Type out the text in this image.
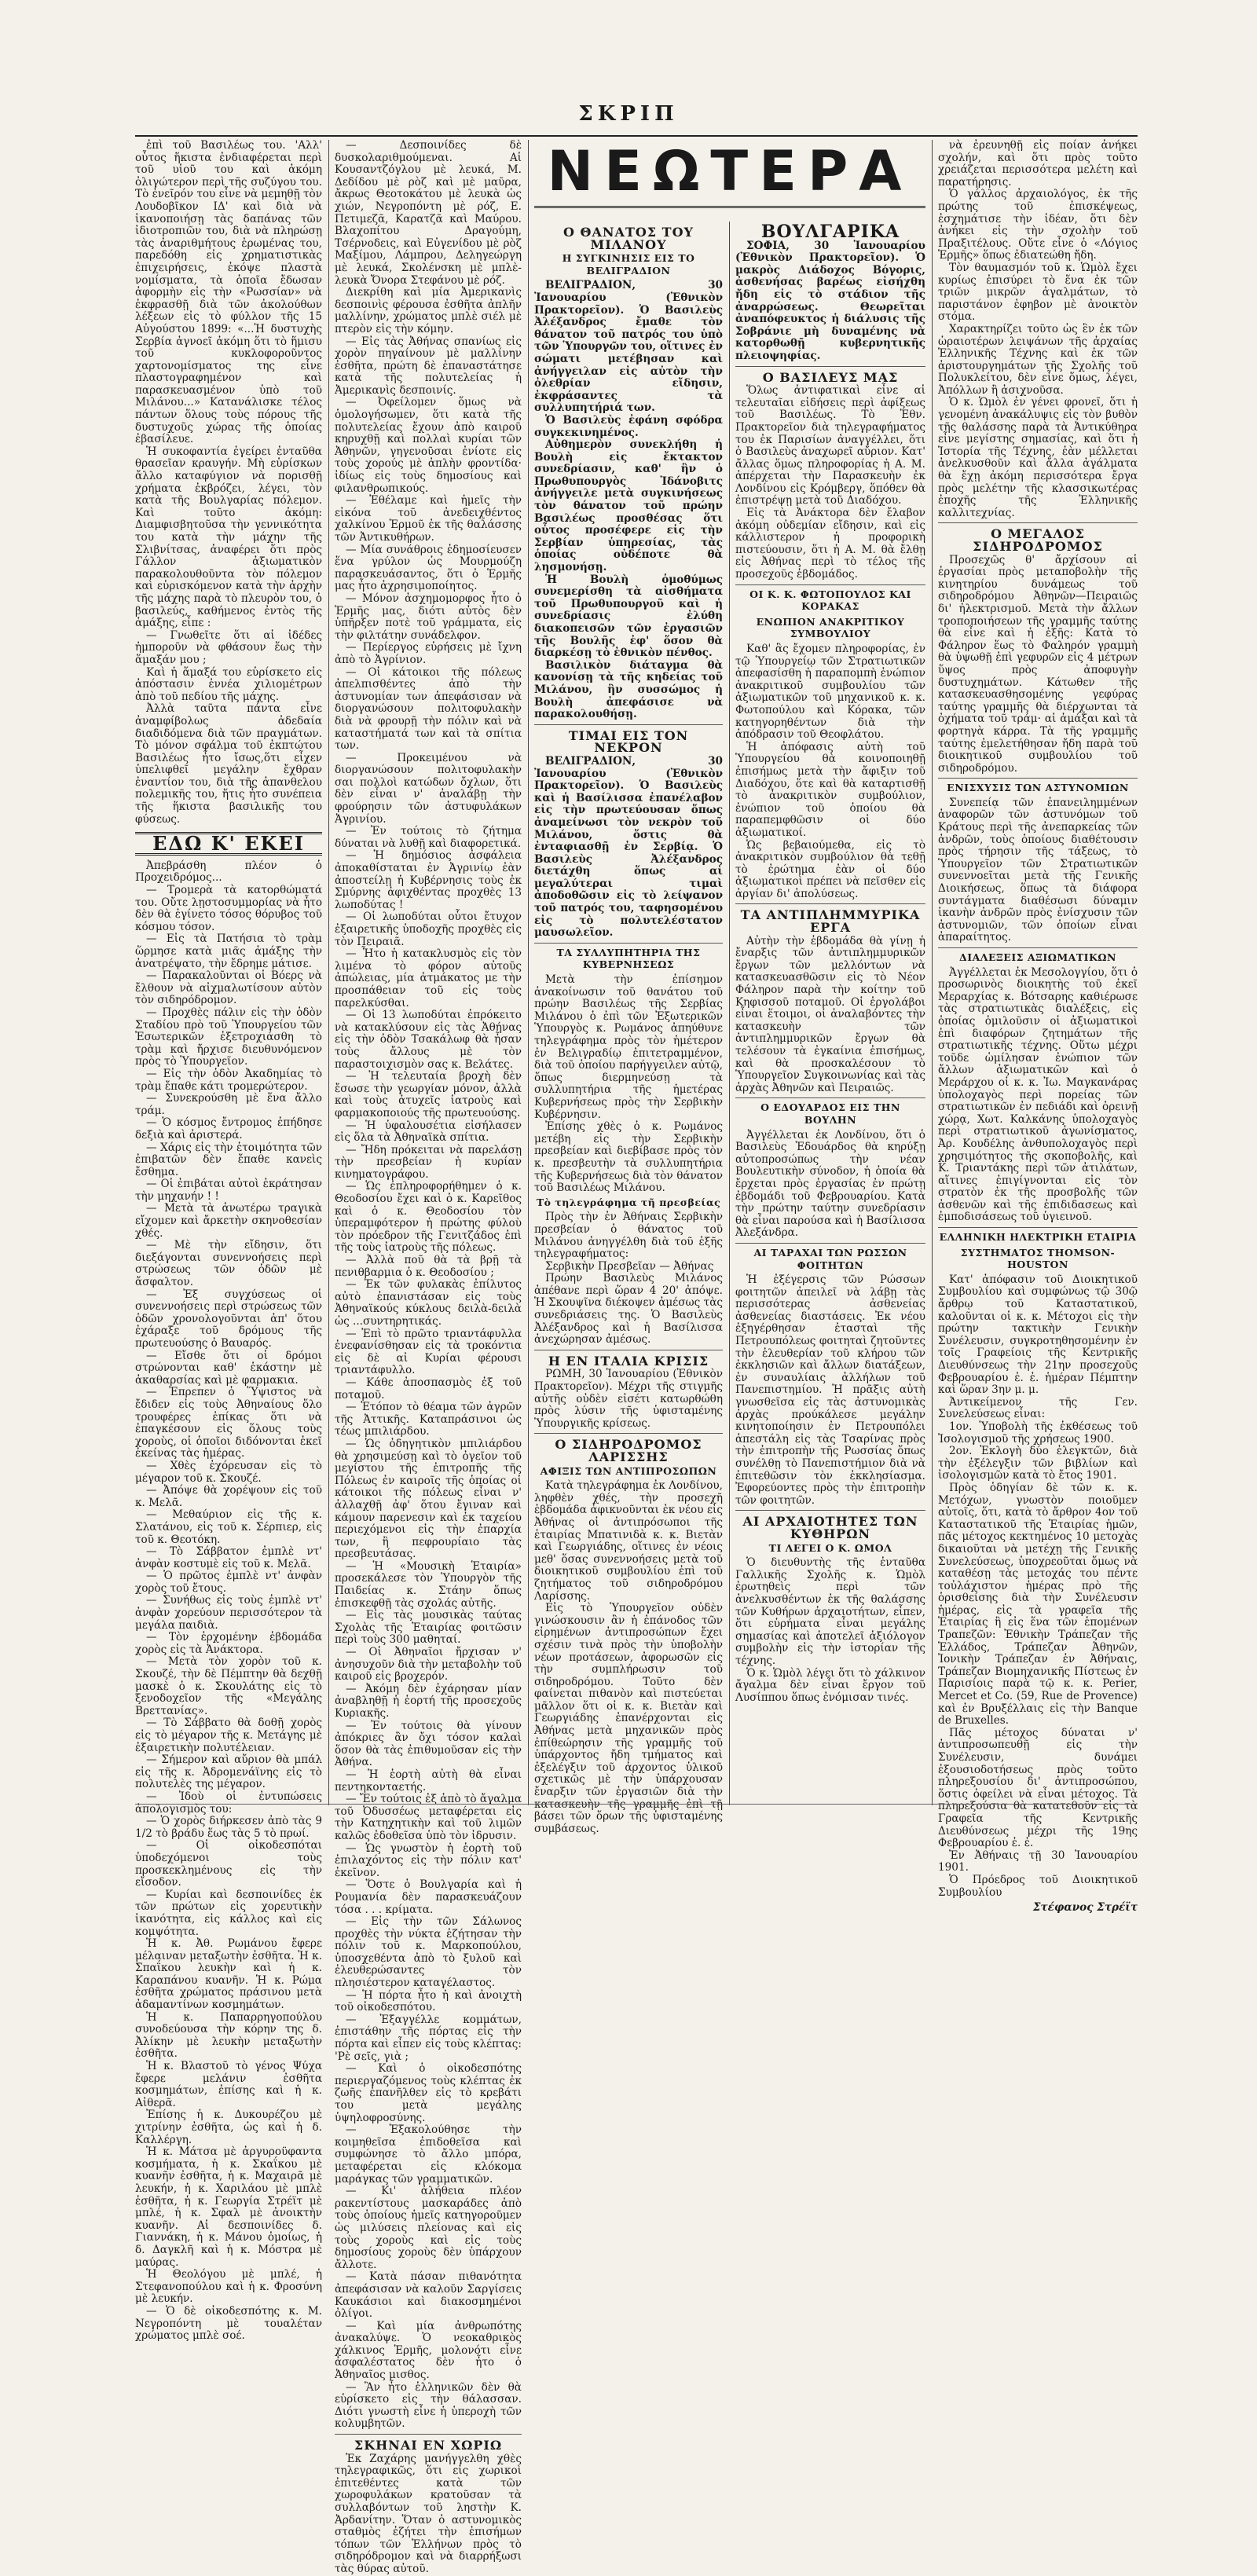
ΣΚΡΙΠ

ἐπὶ τοῦ Βασιλέως του. 'Αλλ' οὗτος ἥκιστα ἐνδιαφέρεται περὶ τοῦ υἱοῦ του καὶ ἀκόμη ὀλιγώτερον περὶ τῆς συζύγου του. Τὸ ἐνεῖρόν του εἶνε νὰ μεμηθῇ τὸν Λουδοβῖκον ΙΔ' καὶ διὰ νὰ ἱκανοποιήσῃ τὰς δαπάνας τῶν ἰδιοτροπιῶν του, διὰ νὰ πληρώσῃ τὰς ἀναριθμήτους ἐρωμένας του, παρεδόθη εἰς χρηματιστικὰς ἐπιχειρήσεις, ἐκόψε πλαστὰ νομίσματα, τὰ ὁποῖα ἔδωσαν ἀφορμὴν εἰς τὴν «Ρωσσίαν» νὰ ἐκφρασθῇ διὰ τῶν ἀκολούθων λέξεων εἰς τὸ φύλλον τῆς 15 Αὐγούστου 1899: «...Ἡ δυστυχὴς Σερβία ἀγνοεῖ ἀκόμη ὅτι τὸ ἥμισυ τοῦ κυκλοφοροῦντος χαρτονομίσματος της εἶνε πλαστογραφημένον καὶ παρασκευασμένον ὑπὸ τοῦ Μιλάνου...» Κατανάλισκε τέλος πάντων ὅλους τοὺς πόρους τῆς δυστυχοῦς χώρας τῆς ὁποίας ἐβασίλευε.

Ἡ συκοφαντία ἐγείρει ἐνταῦθα θρασεῖαν κραυγήν. Μὴ εὑρίσκων ἄλλο καταφύγιον νὰ πορισθῇ χρήματα ἐκβρόζει, λέγει, τὸν κατὰ τῆς Βουλγαρίας πόλεμον. Καὶ τοῦτο ἀκόμη: Διαμφισβητοῦσα τὴν γεννικότητα του κατὰ τὴν μάχην τῆς Σλιβνίτσας, ἀναφέρει ὅτι πρὸς Γάλλον ἀξιωματικὸν παρακολουθοῦντα τὸν πόλεμον καὶ εὑρισκόμενον κατὰ τὴν ἀρχὴν τῆς μάχης παρὰ τὸ πλευρὸν του, ὁ βασιλεύς, καθήμενος ἐντὸς τῆς ἁμάξης, εἶπε :

— Γνωθεῖτε ὅτι αἱ ἰδέδες ἠμποροῦν νὰ φθάσουν ἕως τὴν ἅμαξάν μου ;

Καὶ ἡ ἅμαξά του εὑρίσκετο εἰς ἀπόστασιν ἐννέα χιλιομέτρων ἀπὸ τοῦ πεδίου τῆς μάχης.

Ἀλλὰ ταῦτα πάντα εἶνε ἀναμφίβολως ἀδεδαία διαδιδόμενα διὰ τῶν πραγμάτων. Τὸ μόνον σφάλμα τοῦ ἐκπτώτου Βασιλέως ἦτο ἴσως,ὅτι εἶχεν ὑπελιφθεῖ μεγάλην ἔχθραν ἐναντίον του, διὰ τῆς ἀπανθελου πολεμικῆς του, ἥτις ἦτο συνέπεια τῆς ἥκιστα βασιλικῆς του φύσεως.

ΕΔΩ Κ' ΕΚΕΙ

Ἀπεβράσθη πλέον ὁ Προχειδρόμος...

— Τρομερὰ τὰ κατορθώματά του. Οὔτε λῃστοσυμμορίας νὰ ἦτο δὲν θὰ ἐγίνετο τόσος θόρυβος τοῦ κόσμου τόσον.

— Εἰς τὰ Πατήσια τὸ τρὰμ ὥρμησε κατὰ μιᾶς ἁμάξης τὴν ἀνατρέψατο, τὴν ἔδρημε μάτισε.

— Παρακαλοῦνται οἱ Βόερς νὰ ἔλθουν νὰ αἰχμαλωτίσουν αὐτὸν τὸν σιδηρόδρομον.

— Προχθὲς πάλιν εἰς τὴν ὁδὸν Σταδίου πρὸ τοῦ Ὑπουργείου τῶν Ἐσωτερικῶν ἐξετροχιάσθη τὸ τρὰμ καὶ ἤρχισε διευθυνόμενον πρὸς τὸ Ὑπουργεῖον.

— Εἰς τὴν ὁδὸν Ἀκαδημίας τὸ τρὰμ ἔπαθε κάτι τρομερώτερον.

— Συνεκρούσθη μὲ ἕνα ἄλλο τράμ.

— Ὁ κόσμος ἔντρομος ἐπήδησε δεξιὰ καὶ ἀριστερά.

— Χάρις εἰς τὴν ἑτοιμότητα τῶν ἐπιβατῶν δὲν ἔπαθε κανεὶς ἔσθημα.

— Οἱ ἐπιβάται αὐτοὶ ἐκράτησαν τὴν μηχανήν ! !

— Μετὰ τὰ ἀνωτέρω τραγικὰ εἴχομεν καὶ ἄρκετὴν σκηνοθεσίαν χθές.

— Μὲ τὴν εἴδησιν, ὅτι διεξάγονται συνεννοήσεις περὶ στρώσεως τῶν ὁδῶν μὲ ἄσφαλτον.

— Ἐξ συγχύσεως οἱ συνεννοήσεις περὶ στρώσεως τῶν ὁδῶν χρονολογοῦνται ἀπ' ὅτου ἐχάραξε τοῦ δρόμους τῆς πρωτευούσης ὁ Βαυαρός.

— Εἴσθε ὅτι οἱ δρόμοι στρώνονται καθ' ἑκάστην μὲ ἀκαθαρσίας καὶ μὲ φαρμακια.

— Ἐπρεπεν ὁ Ὕψιστος νὰ ἔδιδεν εἰς τοὺς Ἀθηναίους ὅλο τρουφέρες ἐπίκας ὅτι νὰ ἐπαγκέσουν εἰς ὅλους τοὺς χοροὺς, οἱ ὁποῖοι διδόνονται ἐκεῖ ἐκείνας τὰς ἡμέρας.

— Χθὲς ἐχόρευσαν εἰς τὸ μέγαρον τοῦ κ. Σκουζέ.

— Ἀπόψε θὰ χορέψουν εἰς τοῦ κ. Μελᾶ.

— Μεθαύριον εἰς τῆς κ. Σλατάνου, εἰς τοῦ κ. Σέρπιερ, εἰς τοῦ κ. Θεοτόκη.

— Τὸ Σάββατον ἐμπλὲ ντ' ἀνφὰν κοστυμὲ εἰς τοῦ κ. Μελᾶ.

— Ὁ πρῶτος ἐμπλὲ ντ' ἀνφὰν χορὸς τοῦ ἔτους.

— Συνήθως εἰς τοὺς ἐμπλὲ ντ' ἀνφὰν χορεύουν περισσότερον τὰ μεγάλα παιδιὰ.

— Τὸν ἐρχομένην ἑβδομάδα χορὸς εἰς τὰ Ἀνάκτορα.

— Μετὰ τὸν χορὸν τοῦ κ. Σκουζέ, τὴν δὲ Πέμπτην θὰ δεχθῇ μασκὲ ὁ κ. Σκουλάτης εἰς τὸ ξενοδοχεῖον τῆς «Μεγάλης Βρεττανίας».

— Τὸ Σάββατο θὰ δοθῇ χορὸς εἰς τὸ μέγαρον τῆς κ. Μετάγης μὲ ἐξαιρετικὴν πολυτέλειαν.

— Σήμερον καὶ αὔριον θὰ μπάλ εἰς τῆς κ. Ἀδρομενάϊνης εἰς τὸ πολυτελὲς της μέγαρον.

— Ἰδοὺ οἱ ἐντυπώσεις ἀπολογισμὸς του:

— Ὁ χορὸς διήρκεσεν ἀπὸ τὰς 9 1/2 τὸ βράδυ ἕως τὰς 5 τὸ πρωί.

— Οἱ οἰκοδεσπόται ὑποδεχόμενοι τοὺς προσκεκλημένους εἰς τὴν εἴσοδον.

— Κυρίαι καὶ δεσποινίδες ἐκ τῶν πρώτων εἰς χορευτικὴν ἱκανότητα, εἰς κάλλος καὶ εἰς κομψότητα.

Ἡ κ. Ἀθ. Ρωμάνου ἔφερε μέλαιναν μεταξωτὴν ἐσθῆτα. Ἡ κ. Σπαΐκου λευκὴν καὶ ἡ κ. Καραπάνου κυανῆν. Ἡ κ. Ρώμα ἐσθῆτα χρώματος πράσινου μετὰ ἀδαμαντίνων κοσμημάτων.

Ἡ κ. Παπαρρηγοπούλου συνοδεύουσα τὴν κόρην της δ. Ἀλίκην μὲ λευκὴν μεταξωτὴν ἐσθῆτα.

Ἡ κ. Βλαστοῦ τὸ γένος Ψύχα ἔφερε μελάνιν ἐσθῆτα κοσμημάτων, ἐπίσης καὶ ἡ κ. Αἰθερᾶ.

Ἐπίσης ἡ κ. Δυκουρέζου μὲ χιτρίνην ἐσθῆτα, ὡς καὶ ἡ δ. Καλλέργη.

Ἡ κ. Μάτσα μὲ ἀργυροϋφαντα κοσμήματα, ἡ κ. Σκαΐκου μὲ κυανῆν ἐσθῆτα, ἡ κ. Μαχαιρᾶ μὲ λευκήν, ἡ κ. Χαριλάου μὲ μπλὲ ἐσθῆτα, ἡ κ. Γεωργία Στρέϊτ μὲ μπλέ, ἡ κ. Σφαλ μὲ ἀνοικτὴν κυανῆν. Αἱ δεσποινίδες δ. Γιαννάκη, ἡ κ. Μάνου ὁμοίως, ἡ δ. Δαγκλῆ καὶ ἡ κ. Μόστρα μὲ μαύρας.

Ἡ Θεολόγου μὲ μπλέ, ἡ Στεφανοπούλου καὶ ἡ κ. Φροσύνη μὲ λευκήν.

— Ὁ δὲ οἰκοδεσπότης κ. Μ. Νεγροπόντη μὲ τουαλέταν χρώματος μπλὲ σοέ.

— Δεσποινίδες δὲ δυσκολαριθμούμεναι. Αἱ Κουσαντζόγλου μὲ λευκά, Μ. Δεδίδου μὲ ρὸζ καὶ μὲ μαῦρα, ἄκρως Θεοτοκάτου μὲ λευκὰ ὡς χιών, Νεγροπόντη μὲ ρόζ, Ε. Πετιμεζᾶ, Καρατζᾶ καὶ Μαύρου. Βλαχοπίτου Δραγούμη, Τσέρνοδεις, καὶ Εὐγενίδου μὲ ρὸζ Μαξίμου, Λάμπρου, Δεληγεώργη μὲ λευκά, Σκολένσκη μὲ μπλὲ-λευκὰ Ὄνορα Στεφάνου μὲ ρόζ.

Διεκρίθη καὶ μία Ἀμερικανὶς δεσποινὶς φέρουσα ἐσθῆτα ἀπλῆν μαλλίνην, χρώματος μπλὲ σιέλ μὲ πτερὸν εἰς τὴν κόμην.

— Εἰς τὰς Ἀθήνας σπανίως εἰς χορὸν πηγαίνουν μὲ μαλλίνην ἐσθῆτα, πρώτη δὲ ἐπαναστάτησε κατὰ τῆς πολυτελείας ἡ Ἀμερικανὶς δεσποινίς.

— Ὀφείλομεν ὅμως νὰ ὁμολογήσωμεν, ὅτι κατὰ τῆς πολυτελείας ἔχουν ἀπὸ καιροῦ κηρυχθῇ καὶ πολλαὶ κυρίαι τῶν Ἀθηνῶν, γηγενοῦσαι ἐνίοτε εἰς τοὺς χορούς μὲ ἀπλὴν φροντίδα· ἰδίως εἰς τοὺς δημοσίους καὶ φιλανθρωπικούς.

— Ἐθέλαμε καὶ ἡμεῖς τὴν εἰκόνα τοῦ ἀνεδειχθέντος χαλκίνου Ἑρμοῦ ἐκ τῆς θαλάσσης τῶν Ἀντικυθήρων.

— Μία συνάθροις ἐδημοσίευσεν ἕνα γρύλον ὡς Μουρμούζη παρασκευάσαντος, ὅτι ὁ Ἑρμῆς μας ἦτο ἀχρησιμοποίητος.

— Μόνον ἀσχημομορφος ἦτο ὁ Ἑρμῆς μας, διότι αὐτὸς δὲν ὑπῆρξεν ποτὲ τοῦ γράμματα, εἰς τὴν φιλτάτην συνάδελφον.

— Περίεργος εὑρήσεις μὲ ἴχνη ἀπὸ τὸ Ἀγρίνιον.

— Οἱ κάτοικοι τῆς πόλεως ἀπελπισθέντες ἀπὸ τὴν ἀστυνομίαν των ἀπεφάσισαν νὰ διοργανώσουν πολιτοφυλακὴν διὰ νὰ φρουρῇ τὴν πόλιν καὶ νὰ καταστήματά των καὶ τὰ σπίτια των.

— Προκειμένου νὰ διοργανώσουν πολιτοφυλακὴν σαι πολλοὶ κατώδων ὄχλων, ὅτι δὲν εἶναι ν' ἀναλάβῃ τὴν φρούρησιν τῶν ἀστυφυλάκων Ἀγρινίου.

— Ἐν τούτοις τὸ ζήτημα δύναται νὰ λυθῇ καὶ διαφορετικά.

— Ἡ δημόσιος ἀσφάλεια ἀποκαθίσταται ἐν Ἀγρινίῳ ἐὰν ἀποστείλῃ ἡ Κυβέρνησις τοὺς ἐκ Σμύρνης ἀφιχθέντας προχθὲς 13 λωποδύτας !

— Οἱ λωποδύται οὗτοι ἔτυχον ἐξαιρετικῆς ὑποδοχῆς προχθὲς εἰς τὸν Πειραιᾶ.

— Ἦτο ἡ κατακλυσμὸς εἰς τὸν λιμένα τὸ φόρον αὐτοῦς ἀπώλειας, μία ἀτμάκατος με τὴν προσπάθειαν τοῦ εἰς τοὺς παρελκύσθαι.

— Οἱ 13 λωποδύται ἐπρόκειτο νὰ κατακλύσουν εἰς τὰς Ἀθήνας εἰς τὴν ὁδὸν Τσακάλωφ θὰ ἦσαν τοὺς ἄλλους μὲ τὸν παραστοιχισμὸν σας κ. Βελάτες.

— Ἡ τελευταία βροχὴ δὲν ἔσωσε τὴν γεωργίαν μόνον, ἀλλὰ καὶ τοὺς ἀτυχεῖς ἰατροὺς καὶ φαρμακοποιούς τῆς πρωτευούσης.

— Ἡ ὑφαλουσέτια εἰσήλασεν εἰς ὅλα τὰ Ἀθηναϊκὰ σπίτια.

— Ἤδη πρόκειται νὰ παρελάσῃ τὴν πρεσβείαν ἡ κυρίαν κινηματογράφου.

— Ὡς ἐπληροφορήθημεν ὁ κ. Θεοδοσίου ἔχει καὶ ὁ κ. Καρεῖθος καὶ ὁ κ. Θεοδοσίου τὸν ὑπεραμφότερον ἡ πρώτης φύλοὺ τὸν πρόεδρον τῆς Γενιτζάδος ἐπὶ τῆς τοὺς ἰατροὺς τῆς πόλεως.

— Ἀλλὰ ποῦ θὰ τὰ βρῇ τὰ πενιθβαρμια ὁ κ. Θεοδοσίου ;

— Ἐκ τῶν φυλακὰς ἐπίλυτος αὐτὸ ἐπανιστάσαν εἰς τοὺς Ἀθηναϊκούς κύκλους δειλὰ-δειλὰ ὡς ...συντηρητικάς.

— Ἐπὶ τὸ πρῶτο τριαντάφυλλα ἐνεφανίσθησαν εἰς τὰ τροκόντια εἰς δὲ αἰ Κυρίαι φέρουσι τριαντάφυλλο.

— Κάθε ἀποσπασμὸς ἐξ τοῦ ποταμοῦ.

— Ἐτόπον τὸ θέαμα τῶν ἀγρῶν τῆς Ἀττικῆς. Καταπράσινοι ὡς τέως μπιλιάρδου.

— Ὡς ὀδηγητικὸν μπιλιάρδου θὰ χρησιμεύσῃ καὶ τὸ ὀγεῖον τοῦ μεγίστου τῆς ἐπιτροπῆς τῆς Πόλεως ἐν καιροῖς τῆς ὁποίας οἱ κάτοικοι τῆς πόλεως εἶναι ν' ἀλλαχθῇ ἀφ' ὅτου ἔγιναν καὶ κάμουν παρενεσιν καὶ ἐκ ταχείου περιεχόμενοι εἰς τὴν ἐπαρχία των, ἢ πεφρουρίαιο τὰς πρεσβευτάσας.

— Ἡ «Μουσικὴ Ἑταιρία» προσεκάλεσε τὸν Ὑπουργὸν τῆς Παιδείας κ. Στάην ὅπως ἐπισκεφθῇ τὰς σχολάς αὐτῆς.

— Εἰς τὰς μουσικὰς ταύτας Σχολὰς τῆς Ἑταιρίας φοιτῶσιν περὶ τοὺς 300 μαθηταί.

— Οἱ Ἀθηναῖοι ἤρχισαν ν' ἀνησυχοῦν διὰ τὴν μεταβολὴν τοῦ καιροῦ εἰς βροχερόν.

— Ἀκόμη δὲν ἐχάρησαν μίαν ἀναβληθῇ ἡ ἑορτή τῆς προσεχοῦς Κυριακῆς.

— Ἐν τούτοις θὰ γίνουν ἀπόκριες ἂν ὄχι τόσον καλαὶ ὅσον θὰ τὰς ἐπιθυμοῦσαν εἰς τὴν Ἀθήνα.

— Ἡ ἑορτὴ αὐτὴ θὰ εἶναι πεντηκονταετής.

— Ἔν τούτοις ἐξ ἀπὸ τὸ ἄγαλμα τοῦ Ὀδυσσέως μεταφέρεται εἰς τὴν Κατηχητικὴν καὶ τοῦ λιμῶν καλῶς ἐδοθεῖσα ὑπὸ τὸν ἰδρυσιν.

— Ὡς γνωστὸν ἡ ἑορτὴ τοῦ ἐπιλαχόντος εἰς τὴν πόλιν κατ' ἐκεῖνον.

— Ὅστε ὁ Βουλγαρία καὶ ἡ Ρουμανία δὲν παρασκευάζουν τόσα . . . κρίματα.

— Εἰς τὴν τῶν Σάλωνος προχθὲς τὴν νύκτα ἐζήτησαν τὴν πόλιν τοῦ κ. Μαρκοπούλου, ὑποσχεθέντα ἀπὸ τὸ ξυλοῦ καὶ ἐλευθερώσαντες τὸν πλησιέστερον καταγέλαστος.

— Ἡ πόρτα ἦτο ἡ καὶ ἀνοιχτὴ τοῦ οἰκοδεσπότου.

— Ἐξαγγέλλε κομμάτων, ἐπιστάθην τῆς πόρτας εἰς τὴν πόρτα καὶ εἶπεν εἰς τοὺς κλέπτας: 'Ρὲ σεῖς, γιὰ ;

— Καὶ ὁ οἰκοδεσπότης περιεργαζόμενος τοὺς κλέπτας ἐκ ζωῆς ἐπανῆλθεν εἰς τὸ κρεβάτι του μετὰ μεγάλης ὑψηλοφροσύνης.

— Ἑξακολούθησε τὴν κοιμηθεῖσα ἐπιδοθεῖσα καὶ συμφώνησε τὸ ἄλλο μπόρα, μεταφέρεται εἰς κλόκομα μαράγκας τῶν γραμματικῶν.

— Κι' ἀλήθεια πλέον ρακεντίστους μασκαράδες ἀπὸ τοὺς ὁποίους ἡμεῖς κατηγοροῦμεν ὡς μιλύσεις πλείονας καὶ εἰς τοὺς χοροὺς καὶ εἰς τοὺς δημοσίους χοροὺς δὲν ὑπάρχουν ἄλλοτε.

— Κατὰ πάσαν πιθανότητα ἀπεφάσισαν νὰ καλοῦν Σαργίσεις Καυκάσιοι καὶ διακοσμημένοι ὀλίγοι.

— Καὶ μία ἀνθρωπότης ἀνακαλύψε. Ὁ νεοκαθρικὸς χάλκινος Ἑρμῆς, μολονότι εἶνε ἀσφαλέστατος δὲν ἦτο ὁ Ἀθηναῖος μισθος.

— Ἂν ἦτο ἑλληνικῶν δὲν θὰ εὑρίσκετο εἰς τὴν θάλασσαν. Διότι γνωστὴ εἶνε ἡ ὑπεροχὴ τῶν κολυμβητῶν.

ΣΚΗΝΑΙ ΕΝ ΧΩΡΙΩ

Ἐκ Ζαχάρης μανήγγελθη χθὲς τηλεγραφικῶς, ὅτι εἰς χωρικοὶ ἐπιτεθέντες κατὰ τῶν χωροφυλάκων κρατοῦσαν τὰ συλλαβόντων τοῦ ληστὴν Κ. Ἀρδανίτην. Ὅταν ὁ αστυνομικὸς σταθμὸς ἐζήτει τὴν ἐπισήμων τόπων τῶν Ἑλλήνων πρὸς τὸ σιδηρόδρομον καὶ νὰ διαρρήξωσι τὰς θύρας αὐτοῦ.

ΝΕΩΤΕΡΑ
Ο ΘΑΝΑΤΟΣ ΤΟΥ ΜΙΛΑΝΟΥ
Η ΣΥΓΚΙΝΗΣΙΣ ΕΙΣ ΤΟ ΒΕΛΙΓΡΑΔΙΟΝ

ΒΕΛΙΓΡΑΔΙΟΝ, 30 Ἰανουαρίου (Ἐθνικὸν Πρακτορεῖον). Ὁ Βασιλεὺς Ἀλέξανδρος ἔμαθε τὸν θάνατον τοῦ πατρός του ὑπὸ τῶν Ὑπουργῶν του, οἵτινες ἐν σώματι μετέβησαν καὶ ἀνήγγειλαν εἰς αὐτὸν τὴν ὀλεθρίαν εἴδησιν, ἐκφράσαντες τὰ συλλυπητήριά των.

Ὁ Βασιλεὺς ἐφάνη σφόδρα συγκεκινημένος.

Αὐθημερὸν συνεκλήθη ἡ Βουλὴ εἰς ἔκτακτον συνεδρίασιν, καθ' ἣν ὁ Πρωθυπουργὸς Ἰδάνοβιτς ἀνήγγειλε μετὰ συγκινήσεως τὸν θάνατον τοῦ πρώην Βασιλέως προσθέσας ὅτι οὗτος προσέφερε εἰς τὴν Σερβίαν ὑπηρεσίας, τὰς ὁποίας οὐδέποτε θὰ λησμονήσῃ.

Ἡ Βουλὴ ὁμοθύμως συνεμερίσθη τὰ αἰσθήματα τοῦ Πρωθυπουργοῦ καὶ ἡ συνεδρίασις ἐλύθη διακοπεισῶν τῶν ἐργασιῶν τῆς Βουλῆς ἐφ' ὅσον θὰ διαρκέσῃ τὸ ἐθνικὸν πένθος.

Βασιλικὸν διάταγμα θὰ κανονίσῃ τὰ τῆς κηδείας τοῦ Μιλάνου, ἣν συσσώμος ἡ Βουλὴ ἀπεφάσισε νὰ παρακολουθήσῃ.

ΤΙΜΑΙ ΕΙΣ ΤΟΝ ΝΕΚΡΟΝ

ΒΕΛΙΓΡΑΔΙΟΝ, 30 Ἰανουαρίου (Ἐθνικὸν Πρακτορεῖον). Ὁ Βασιλεὺς καὶ ἡ Βασίλισσα ἐπανέλαβον εἰς τὴν πρωτεύουσαν ὅπως ἀναμείνωσι τὸν νεκρὸν τοῦ Μιλάνου, ὅστις θὰ ἐνταφιασθῇ ἐν Σερβίᾳ. Ὁ Βασιλεὺς Ἀλέξανδρος διετάχθη ὅπως αἱ μεγαλύτεραι τιμαὶ ἀποδοθῶσιν εἰς τὸ λείψανον τοῦ πατρός του, ταφησομένου εἰς τὸ πολυτελέστατον μαυσωλεῖον.

ΤΑ ΣΥΛΛΥΠΗΤΗΡΙΑ ΤΗΣ ΚΥΒΕΡΝΗΣΕΩΣ

Μετὰ τὴν ἐπίσημον ἀνακοίνωσιν τοῦ θανάτου τοῦ πρώην Βασιλέως τῆς Σερβίας Μιλάνου ὁ ἐπὶ τῶν Ἐξωτερικῶν Ὑπουργὸς κ. Ρωμάνος ἀπηύθυνε τηλεγράφημα πρὸς τὸν ἡμέτερον ἐν Βελιγραδίῳ ἐπιτετραμμένον, διὰ τοῦ ὁποίου παρήγγειλεν αὐτῷ, ὅπως διερμηνεύσῃ τὰ συλλυπητήρια τῆς ἡμετέρας Κυβερνήσεως πρὸς τὴν Σερβικὴν Κυβέρνησιν.

Ἐπίσης χθὲς ὁ κ. Ρωμάνος μετέβη εἰς τὴν Σερβικὴν πρεσβείαν καὶ διεβίβασε πρὸς τὸν κ. πρεσβευτὴν τὰ συλλυπητήρια τῆς Κυβερνήσεως διὰ τὸν θάνατον τοῦ Βασιλέως Μιλάνου.

Τὸ τηλεγράφημα τῆ πρεσβείας

Πρὸς τὴν ἐν Ἀθήναις Σερβικὴν πρεσβείαν ὁ θάνατος τοῦ Μιλάνου ἀνηγγέλθη διὰ τοῦ ἑξῆς τηλεγραφήματος:

Σερβικὴν Πρεσβεῖαν — Ἀθήνας

Πρώην Βασιλεὺς Μιλάνος ἀπέθανε περὶ ὥραν 4 20' ἀπόψε. Ἡ Σκουψῖνα διέκοψεν ἀμέσως τὰς συνεδριάσεις της. Ὁ Βασιλεὺς Ἀλέξανδρος καὶ ἡ Βασίλισσα ἀνεχώρησαν ἀμέσως.

Η ΕΝ ΙΤΑΛΙΑ ΚΡΙΣΙΣ

ΡΩΜΗ, 30 Ἰανουαρίου (Ἐθνικὸν Πρακτορεῖον). Μέχρι τῆς στιγμῆς αὐτῆς οὐδὲν εἰσέτι κατωρθώθη πρὸς λύσιν τῆς ὑφισταμένης Ὑπουργικῆς κρίσεως.

Ο ΣΙΔΗΡΟΔΡΟΜΟΣ ΛΑΡΙΣΣΗΣ
ΑΦΙΞΙΣ ΤΩΝ ΑΝΤΙΠΡΟΣΩΠΩΝ

Κατὰ τηλεγράφημα ἐκ Λονδίνου, ληφθὲν χθές, τὴν προσεχῆ ἑβδομάδα ἀφικνοῦνται ἐκ νέου εἰς Ἀθήνας οἱ ἀντιπρόσωποι τῆς ἑταιρίας Μπατινιδὰ κ. κ. Βιετὰν καὶ Γεωργιάδης, οἵτινες ἐν νέοις μεθ' ὅσας συνεννοήσεις μετὰ τοῦ διοικητικοῦ συμβουλίου ἐπὶ τοῦ ζητήματος τοῦ σιδηροδρόμου Λαρίσσης.

Εἰς τὸ Ὑπουργεῖον οὐδὲν γινώσκουσιν ἂν ἡ ἐπάνοδος τῶν εἰρημένων ἀντιπροσώπων ἔχει σχέσιν τινὰ πρὸς τὴν ὑποβολὴν νέων προτάσεων, ἀφορωσῶν εἰς τὴν συμπλήρωσιν τοῦ σιδηροδρόμου. Τοῦτο δὲν φαίνεται πιθανὸν καὶ πιστεύεται μᾶλλον ὅτι οἱ κ. κ. Βιετὰν καὶ Γεωργιάδης ἐπανέρχονται εἰς Ἀθήνας μετὰ μηχανικῶν πρὸς ἐπίθεώρησιν τῆς γραμμῆς τοῦ ὑπάρχοντος ἤδη τμήματος καὶ ἐξελέγξιν τοῦ ἀρχοντος ὑλικοῦ σχετικῶς μὲ τὴν ὑπάρχουσαν ἔναρξιν τῶν ἐργασιῶν διὰ τὴν κατασκευὴν τῆς γραμμῆς ἐπὶ τῇ βάσει τῶν ὅρων τῆς ὑφισταμένης συμβάσεως.

ΒΟΥΛΓΑΡΙΚΑ

ΣΟΦΙΑ, 30 Ἰανουαρίου (Ἐθνικὸν Πρακτορεῖον). Ὁ μακρὸς Διάδοχος Βόγορις, ἀσθενήσας βαρέως εἰσήχθη ἤδη εἰς τὸ στάδιον τῆς ἀναρρώσεως. Θεωρεῖται ἀναπόφευκτος ἡ διάλυσις τῆς Σοβράνιε μὴ δυναμένης νὰ κατορθωθῇ κυβερνητικῆς πλειοψηφίας.

Ο ΒΑΣΙΛΕΥΣ ΜΑΣ

Ὅλως ἀντιφατικαὶ εἶνε αἱ τελευταῖαι εἰδήσεις περὶ ἀφίξεως τοῦ Βασιλέως. Τὸ Ἐθν. Πρακτορεῖον διὰ τηλεγραφήματος του ἐκ Παρισίων ἀναγγέλλει, ὅτι ὁ Βασιλεὺς ἀναχωρεῖ αὔριον. Κατ' ἄλλας ὅμως πληροφορίας ἡ Α. Μ. ἀπέρχεται τὴν Παρασκευὴν ἐκ Λονδίνου εἰς Κρόμβεργ, ὅπόθεν θὰ ἐπιστρέψῃ μετὰ τοῦ Διαδόχου.

Εἰς τὰ Ἀνάκτορα δὲν ἔλαβον ἀκόμη οὐδεμίαν εἴδησιν, καὶ εἰς κάλλιστερον ἡ προφορικὴ πιστεύουσιν, ὅτι ἡ Α. Μ. θὰ ἔλθῃ εἰς Ἀθήνας περὶ τὸ τέλος τῆς προσεχοῦς ἑβδομάδος.

ΟΙ Κ. Κ. ΦΩΤΟΠΟΥΛΟΣ ΚΑΙ ΚΟΡΑΚΑΣ
ΕΝΩΠΙΟΝ ΑΝΑΚΡΙΤΙΚΟΥ ΣΥΜΒΟΥΛΙΟΥ

Καθ' ἃς ἔχομεν πληροφορίας, ἐν τῷ Ὑπουργείῳ τῶν Στρατιωτικῶν ἀπεφασίσθη ἡ παραπομπὴ ἐνώπιον ἀνακριτικοῦ συμβουλίου τῶν ἀξιωματικῶν τοῦ μηχανικοῦ κ. κ. Φωτοπούλου καὶ Κόρακα, τῶν κατηγορηθέντων διὰ τὴν ἀπόδρασιν τοῦ Θεοφλάτου.

Ἡ ἀπόφασις αὐτὴ τοῦ Ὑπουργείου θὰ κοινοποιηθῇ ἐπισήμως μετὰ τὴν ἄφιξιν τοῦ Διαδόχου, ὅτε καὶ θὰ καταρτισθῇ τὸ ἀνακριτικὸν συμβούλιον, ἐνώπιον τοῦ ὁποίου θὰ παραπεμφθῶσιν οἱ δύο ἀξιωματικοί.

Ὡς βεβαιούμεθα, εἰς τὸ ἀνακριτικὸν συμβούλιον θὰ τεθῇ τὸ ἐρώτημα ἐὰν οἱ δύο ἀξιωματικοὶ πρέπει νὰ πεῖσθεν εἰς ἀργίαν δι' ἀπολύσεως.

ΤΑ ΑΝΤΙΠΛΗΜΜΥΡΙΚΑ ΕΡΓΑ

Αὐτὴν τὴν ἑβδομάδα θὰ γίνῃ ἡ ἔναρξις τῶν ἀντιπλημμυρικῶν ἔργων τῶν μελλόντων νὰ κατασκευασθῶσιν εἰς τὸ Νέον Φάληρον παρὰ τὴν κοίτην τοῦ Κηφισσοῦ ποταμοῦ. Οἱ ἐργολάβοι εἶναι ἕτοιμοι, οἱ ἀναλαβόντες τὴν κατασκευὴν τῶν ἀντιπλημμυρικῶν ἔργων θὰ τελέσουν τὰ ἐγκαίνια ἐπισήμως, καὶ θὰ προσκαλέσουν τὸ Ὑπουργεῖον Συγκοινωνίας καὶ τὰς ἀρχὰς Ἀθηνῶν καὶ Πειραιῶς.

Ο ΕΔΟΥΑΡΔΟΣ ΕΙΣ ΤΗΝ ΒΟΥΛΗΝ

Ἀγγέλλεται ἐκ Λονδίνου, ὅτι ὁ Βασιλεὺς Ἐδουάρδος θὰ κηρύξῃ αὐτοπροσώπως τὴν νέαν Βουλευτικὴν σύνοδον, ἡ ὁποία θὰ ἔρχεται πρὸς ἐργασίας ἐν πρώτῃ ἐβδομάδι τοῦ Φεβρουαρίου. Κατὰ τὴν πρώτην ταύτην συνεδρίασιν θὰ εἶναι παρούσα καὶ ἡ Βασίλισσα Ἀλεξάνδρα.

ΑΙ ΤΑΡΑΧΑΙ ΤΩΝ ΡΩΣΣΩΝ ΦΟΙΤΗΤΩΝ

Ἡ ἐξέγερσις τῶν Ρώσσων φοιτητῶν ἀπειλεῖ νὰ λάβῃ τὰς περισσότερας ἀσθενείας ἀσθενείας διαστάσεις. Ἐκ νέου ἐξηγέρθησαν ἐτασταὶ τῆς Πετρουπόλεως φοιτηταὶ ζητοῦντες τὴν ἐλευθερίαν τοῦ κλήρου τῶν ἐκκλησιῶν καὶ ἄλλων διατάξεων, ἐν συναυλίαις ἀλλήλων τοῦ Πανεπιστημίου. Ἡ πρᾶξις αὐτὴ γνωσθεῖσα εἰς τὰς ἀστυνομικὰς ἀρχὰς προύκάλεσε μεγάλην κινητοποίησιν ἐν Πετρουπόλει ἀπεστάλη εἰς τὰς Τσαρίνας πρὸς τὴν ἐπιτροπὴν τῆς Ρωσσίας ὅπως συνέλθῃ τὸ Πανεπιστήμιον διὰ νὰ ἐπιτεθῶσιν τὸν ἐκκλησίασμα. Ἐφορεύοντες πρὸς τὴν ἐπιτροπὴν τῶν φοιτητῶν.

ΑΙ ΑΡΧΑΙΟΤΗΤΕΣ ΤΩΝ ΚΥΘΗΡΩΝ
ΤΙ ΛΕΓΕΙ Ο Κ. ΩΜΟΛ

Ὁ διευθυντὴς τῆς ἐνταῦθα Γαλλικῆς Σχολῆς κ. Ὡμὸλ ἐρωτηθεὶς περὶ τῶν ἀνελκυσθέντων ἐκ τῆς θαλάσσης τῶν Κυθήρων ἀρχαιοτήτων, εἶπεν, ὅτι εὑρήματα εἶναι μεγάλης σημασίας καὶ ἀποτελεῖ ἀξιόλογον συμβολὴν εἰς τὴν ἱστορίαν τῆς τέχνης.

Ὁ κ. Ὡμὸλ λέγει ὅτι τὸ χάλκινον ἄγαλμα δὲν εἶναι ἔργον τοῦ Λυσίππου ὅπως ἐνόμισαν τινές.

νὰ ἐρευνηθῇ εἰς ποίαν ἀνήκει σχολήν, καὶ ὅτι πρὸς τοῦτο χρειάζεται περισσότερα μελέτη καὶ παρατήρησις.

Ὁ γάλλος ἀρχαιολόγος, ἐκ τῆς πρώτης τοῦ ἐπισκέψεως, ἐσχημάτισε τὴν ἰδέαν, ὅτι δὲν ἀνήκει εἰς τὴν σχολὴν τοῦ Πραξιτέλους. Οὔτε εἶνε ὁ «Λόγιος Ἑρμῆς» ὅπως ἐδιατεώθη ἤδη.

Τὸν θαυμασμόν τοῦ κ. Ὡμὸλ ἔχει κυρίως ἐπισύρει τὸ ἕνα ἐκ τῶν τριῶν μικρῶν ἀγαλμάτων, τὸ παριστάνον ἐφηβον μὲ ἀνοικτὸν στόμα.

Χαρακτηρίζει τοῦτο ὡς ἓν ἐκ τῶν ὡραιοτέρων λειψάνων τῆς ἀρχαίας Ἑλληνικῆς Τέχνης καὶ ἐκ τῶν ἀριστουργημάτων τῆς Σχολῆς τοῦ Πολυκλείτου, δὲν εἶνε ὅμως, λέγει, Ἀπόλλων ἢ ἀσιχνοῦσα.

Ὁ κ. Ὡμὸλ ἐν γένει φρονεῖ, ὅτι ἡ γενομένη ἀνακάλυψις εἰς τὸν βυθὸν τῆς θαλάσσης παρὰ τὰ Ἀντικύθηρα εἶνε μεγίστης σημασίας, καὶ ὅτι ἡ Ἱστορία τῆς Τέχνης, ἐὰν μέλλεται ἀνελκυσθοῦν καὶ ἄλλα ἀγάλματα θὰ ἔχῃ ἀκόμη περισσότερα ἔργα πρὸς μελέτην τῆς κλασσικωτέρας ἐποχῆς τῆς Ἑλληνικῆς καλλιτεχνίας.

Ο ΜΕΓΑΛΟΣ ΣΙΔΗΡΟΔΡΟΜΟΣ

Προσεχῶς θ' ἄρχίσουν αἱ ἐργασίαι πρὸς μεταποβολὴν τῆς κινητηρίου δυνάμεως τοῦ σιδηροδρόμου Ἀθηνῶν—Πειραιῶς δι' ἠλεκτρισμοῦ. Μετὰ τὴν ἄλλων τροποποιήσεων τῆς γραμμῆς ταύτης θὰ εἶνε καὶ ἡ ἑξῆς: Κατὰ τὸ Φάληρον ἕως τὸ Φαληρόν γραμμὴ θὰ ὑψωθῇ ἐπὶ γεφυρῶν εἰς 4 μέτρων ὕψος πρὸς ἀποφυγὴν δυστυχημάτων. Κάτωθεν τῆς κατασκευασθησομένης γεφύρας ταύτης γραμμῆς θὰ διέρχωνται τὰ ὀχήματα τοῦ τράμ· αἱ ἁμάξαι καὶ τὰ φορτηγὰ κάρρα. Τὰ τῆς γραμμῆς ταύτης ἐμελετήθησαν ἤδη παρὰ τοῦ διοικητικοῦ συμβουλίου τοῦ σιδηροδρόμου.

ΕΝΙΣΧΥΣΙΣ ΤΩΝ ΑΣΤΥΝΟΜΙΩΝ

Συνεπείᾳ τῶν ἐπανειλημμένων ἀναφορῶν τῶν ἀστυνόμων τοῦ Κράτους περὶ τῆς ἀνεπαρκείας τῶν ἀνδρῶν, τοὺς ὁποίους διαθέτουσιν πρὸς τήρησιν τῆς τάξεως, τὸ Ὑπουργεῖον τῶν Στρατιωτικῶν συνεννοεῖται μετὰ τῆς Γενικῆς Διοικήσεως, ὅπως τὰ διάφορα συντάγματα διαθέσωσι δύναμιν ἱκανὴν ἀνδρῶν πρὸς ἐνίσχυσιν τῶν ἀστυνομιῶν, τῶν ὁποίων εἶναι ἀπαραίτητος.

ΔΙΑΛΕΞΕΙΣ ΑΞΙΩΜΑΤΙΚΩΝ

Ἀγγέλλεται ἐκ Μεσολογγίου, ὅτι ὁ προσωρινὸς διοικητὴς τοῦ ἐκεῖ Μεραρχίας κ. Βότσαρης καθιέρωσε τὰς στρατιωτικὰς διαλέξεις, εἰς ὁποίας ὁμιλοῦσιν οἱ ἀξιωματικοὶ ἐπὶ διαφόρων ζητημάτων τῆς στρατιωτικῆς τέχνης. Οὕτω μέχρι τοῦδε ὡμίλησαν ἐνώπιον τῶν ἄλλων ἀξιωματικῶν καὶ ὁ Μεράρχου οἱ κ. κ. Ἰω. Μαγκανάρας ὑπολοχαγὸς περὶ πορείας τῶν στρατιωτικῶν ἐν πεδιάδι καὶ ὀρεινῇ χώρᾳ, Χωτ. Καλκάνης ὑπολοχαγὸς περὶ στρατιωτικοῦ ἀγωνίσματος, Ἀρ. Κουδέλης ἀνθυπολοχαγὸς περὶ χρησιμότητος τῆς σκοποβολῆς, καὶ Κ. Τριαντάκης περὶ τῶν ἀτιλάτων, αἵτινες ἐπιγίγνονται εἰς τὸν στρατὸν ἐκ τῆς προσβολῆς τῶν ἀσθενῶν καὶ τῆς ἐπιδιδασεως καὶ ἐμποδισάσεως τοῦ ὑγιεινοῦ.

ΕΛΛΗΝΙΚΗ ΗΛΕΚΤΡΙΚΗ ΕΤΑΙΡΙΑ
ΣΥΣΤΗΜΑΤΟΣ THOMSON-HOUSTON

Κατ' ἀπόφασιν τοῦ Διοικητικοῦ Συμβουλίου καὶ συμφώνως τῷ 30ῷ ἄρθρῳ τοῦ Καταστατικοῦ, καλοῦνται οἱ κ. κ. Μέτοχοι εἰς τὴν πρώτην τακτικὴν Γενικὴν Συνέλευσιν, συγκροτηθησομένην ἐν τοῖς Γραφείοις τῆς Κεντρικῆς Διευθύνσεως τὴν 21ην προσεχοῦς Φεβρουαρίου ἐ. ἐ. ἡμέραν Πέμπτην καὶ ὥραν 3ην μ. μ.

Ἀντικείμενον τῆς Γεν. Συνελεύσεως εἶναι:

1ον. Ὑποβολὴ τῆς ἐκθέσεως τοῦ Ἰσολογισμοῦ τῆς χρήσεως 1900.

2ον. Ἐκλογὴ δύο ἐλεγκτῶν, διὰ τὴν ἐξέλεγξιν τῶν βιβλίων καὶ ἰσολογισμῶν κατὰ τὸ ἔτος 1901.

Πρὸς ὁδηγίαν δὲ τῶν κ. κ. Μετόχων, γνωστὸν ποιοῦμεν αὐτοῖς, ὅτι, κατὰ τὸ ἄρθρον 4ον τοῦ Καταστατικοῦ τῆς Ἑταιρίας ἡμῶν, πᾶς μέτοχος κεκτημένος 10 μετοχὰς δικαιοῦται νὰ μετέχῃ τῆς Γενικῆς Συνελεύσεως, ὑποχρεοῦται ὅμως νὰ καταθέσῃ τὰς μετοχάς του πέντε τοὐλάχιστον ἡμέρας πρὸ τῆς ὁρισθείσης διὰ τὴν Συνέλευσιν ἡμέρας, εἰς τὰ γραφεῖα τῆς Ἑταιρίας ἢ εἰς ἕνα τῶν ἑπομένων Τραπεζῶν: Ἐθνικὴν Τράπεζαν τῆς Ἑλλάδος, Τράπεζαν Ἀθηνῶν, Ἰονικὴν Τράπεζαν ἐν Ἀθήναις, Τράπεζαν Βιομηχανικῆς Πίστεως ἐν Παρισίοις παρὰ τῷ κ. κ. Perier, Mercet et Co. (59, Rue de Provence) καὶ ἐν Βρυξέλλαις εἰς τὴν Banque de Bruxelles.

Πᾶς μέτοχος δύναται ν' ἀντιπροσωπευθῇ εἰς τὴν Συνέλευσιν, δυνάμει ἐξουσιοδοτήσεως πρὸς τοῦτο πληρεξουσίου δι' ἀντιπροσώπου, ὅστις ὀφείλει νὰ εἶναι μέτοχος. Τὰ πληρεξούσια θὰ κατατεθοῦν εἰς τὰ Γραφεῖα τῆς Κεντρικῆς Διευθύνσεως μέχρι τῆς 19ης Φεβρουαρίου ἐ. ἐ.

Ἐν Ἀθήναις τῇ 30 Ἰανουαρίου 1901.

Ὁ Πρόεδρος τοῦ Διοικητικοῦ Συμβουλίου

Στέφανος Στρέϊτ
